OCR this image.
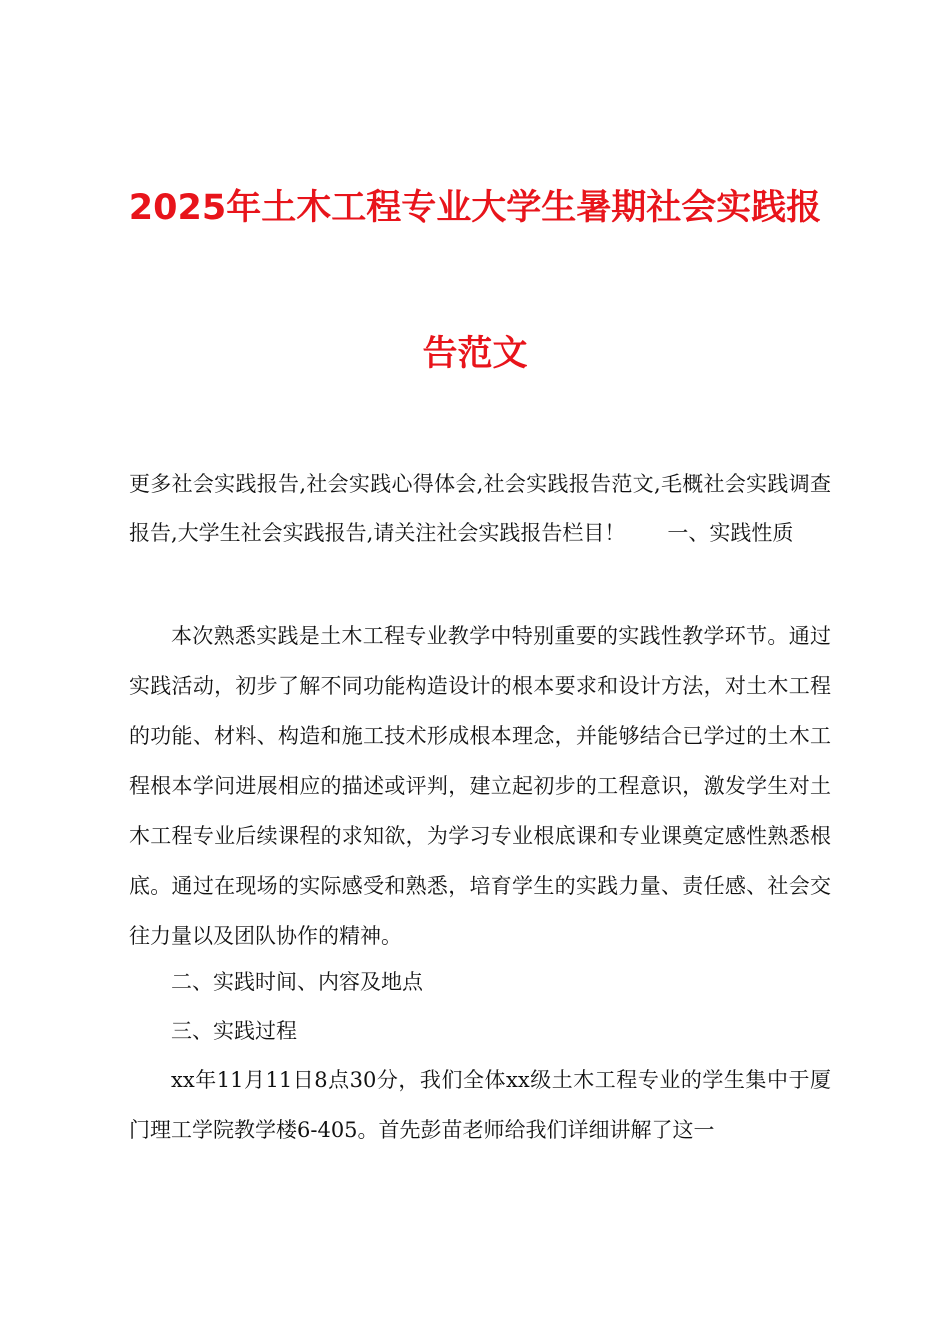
2025年土木工程专业大学生暑期社会实践报
告范文
更多社会实践报告,社会实践心得体会,社会实践报告范文,毛概社会实践调查报告,大学生社会实践报告,请关注社会实践报告栏目！　　一、实践性质

本次熟悉实践是土木工程专业教学中特别重要的实践性教学环节。通过实践活动，初步了解不同功能构造设计的根本要求和设计方法，对土木工程的功能、材料、构造和施工技术形成根本理念，并能够结合已学过的土木工程根本学问进展相应的描述或评判，建立起初步的工程意识，激发学生对土木工程专业后续课程的求知欲，为学习专业根底课和专业课奠定感性熟悉根底。通过在现场的实际感受和熟悉，培育学生的实践力量、责任感、社会交往力量以及团队协作的精神。

二、实践时间、内容及地点

三、实践过程

xx年11月11日8点30分，我们全体xx级土木工程专业的学生集中于厦门理工学院教学楼6-405。首先彭苗老师给我们详细讲解了这一
